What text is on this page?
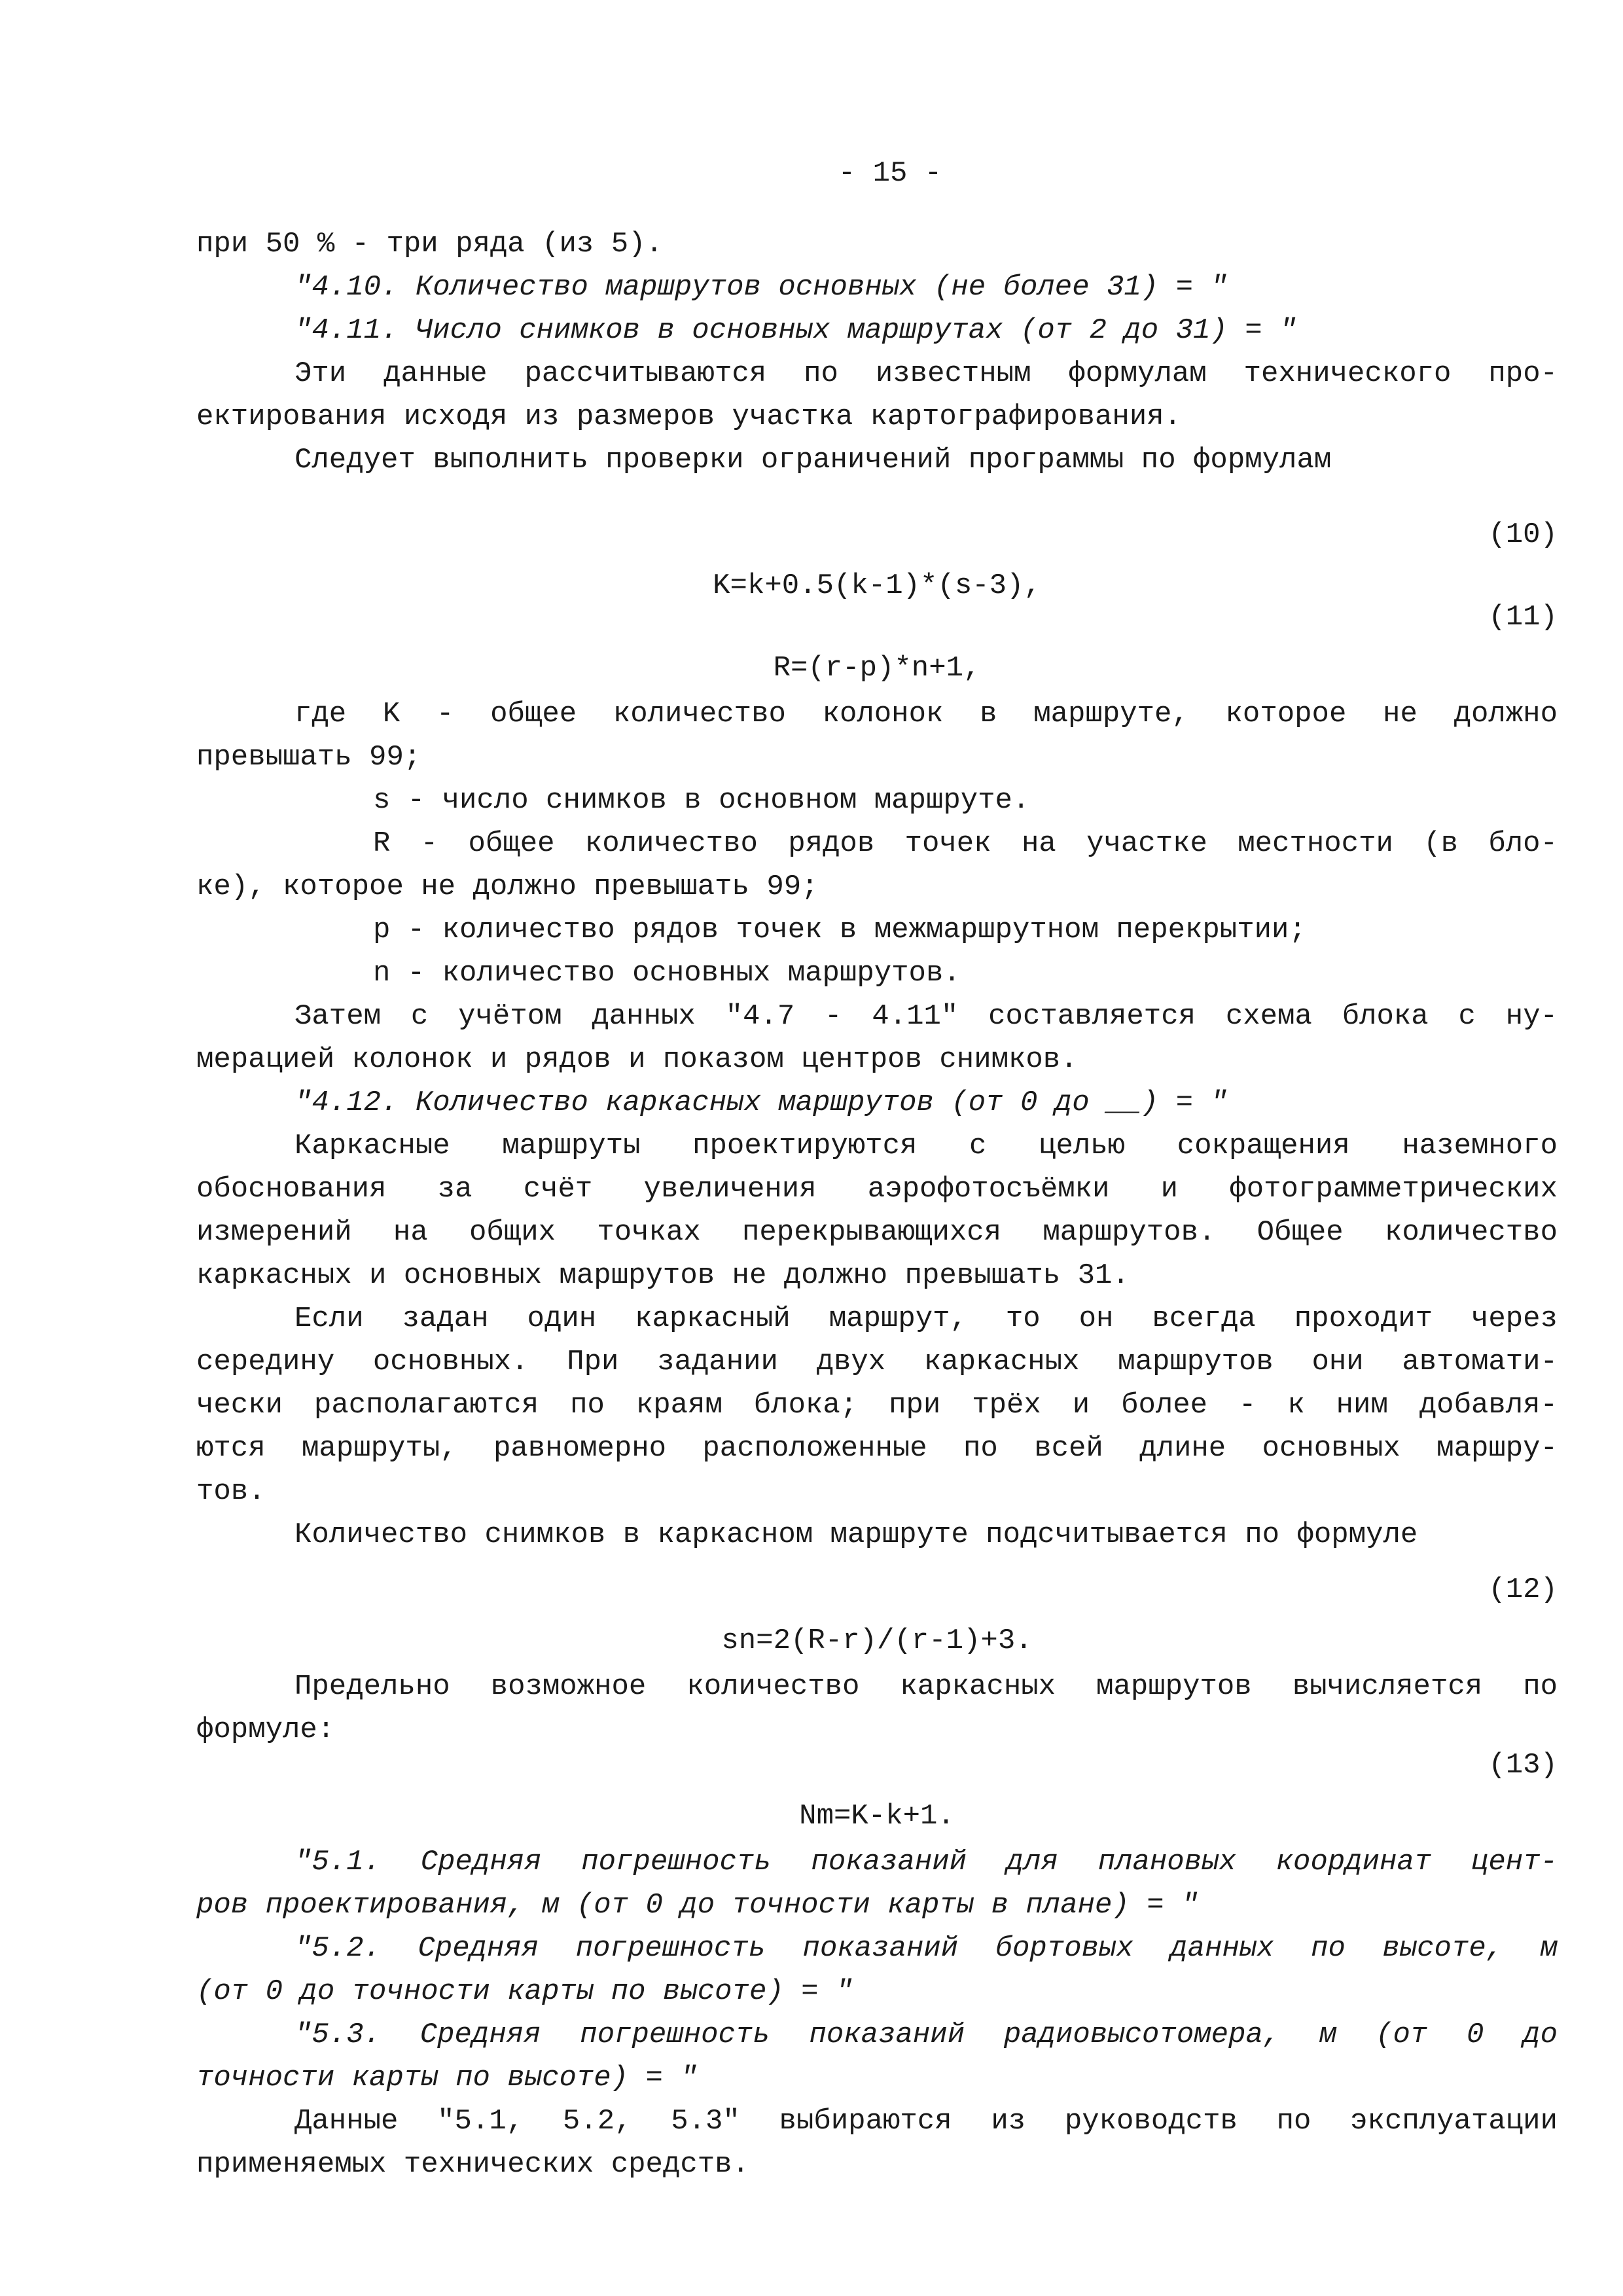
- 15 -
при 50 % - три ряда (из 5).
"4.10. Количество маршрутов основных (не более 31) = "
"4.11. Число снимков в основных маршрутах (от 2 до 31) = "
Эти данные рассчитываются по известным формулам технического про-
ектирования исходя из размеров участка картографирования.
Следует выполнить проверки ограничений программы по формулам

K=k+0.5(k-1)*(s-3),

(10)

R=(r-p)*n+1,

(11)

где K - общее количество колонок в маршруте, которое не должно
превышать 99;
s - число снимков в основном маршруте.
R - общее количество рядов точек на участке местности (в бло-
ке), которое не должно превышать 99;
p - количество рядов точек в межмаршрутном перекрытии;
n - количество основных маршрутов.
Затем с учётом данных "4.7 - 4.11" составляется схема блока с ну-
мерацией колонок и рядов и показом центров снимков.
"4.12. Количество каркасных маршрутов (от 0 до __) = "
Каркасные маршруты проектируются с целью сокращения наземного
обоснования за счёт увеличения аэрофотосъёмки и фотограмметрических
измерений на общих точках перекрывающихся маршрутов. Общее количество
каркасных и основных маршрутов не должно превышать 31.
Если задан один каркасный маршрут, то он всегда проходит через
середину основных. При задании двух каркасных маршрутов они автомати-
чески располагаются по краям блока; при трёх и более - к ним добавля-
ются маршруты, равномерно расположенные по всей длине основных маршру-
тов.
Количество снимков в каркасном маршруте подсчитывается по формуле

sn=2(R-r)/(r-1)+3.

(12)

Предельно возможное количество каркасных маршрутов вычисляется по
формуле:

Nm=K-k+1.

(13)

"5.1. Средняя погрешность показаний для плановых координат цент-
ров проектирования, м (от 0 до точности карты в плане) = "
"5.2. Средняя погрешность показаний бортовых данных по высоте, м
(от 0 до точности карты по высоте) = "
"5.3. Средняя погрешность показаний радиовысотомера, м (от 0 до
точности карты по высоте) = "
Данные "5.1, 5.2, 5.3" выбираются из руководств по эксплуатации
применяемых технических средств.
